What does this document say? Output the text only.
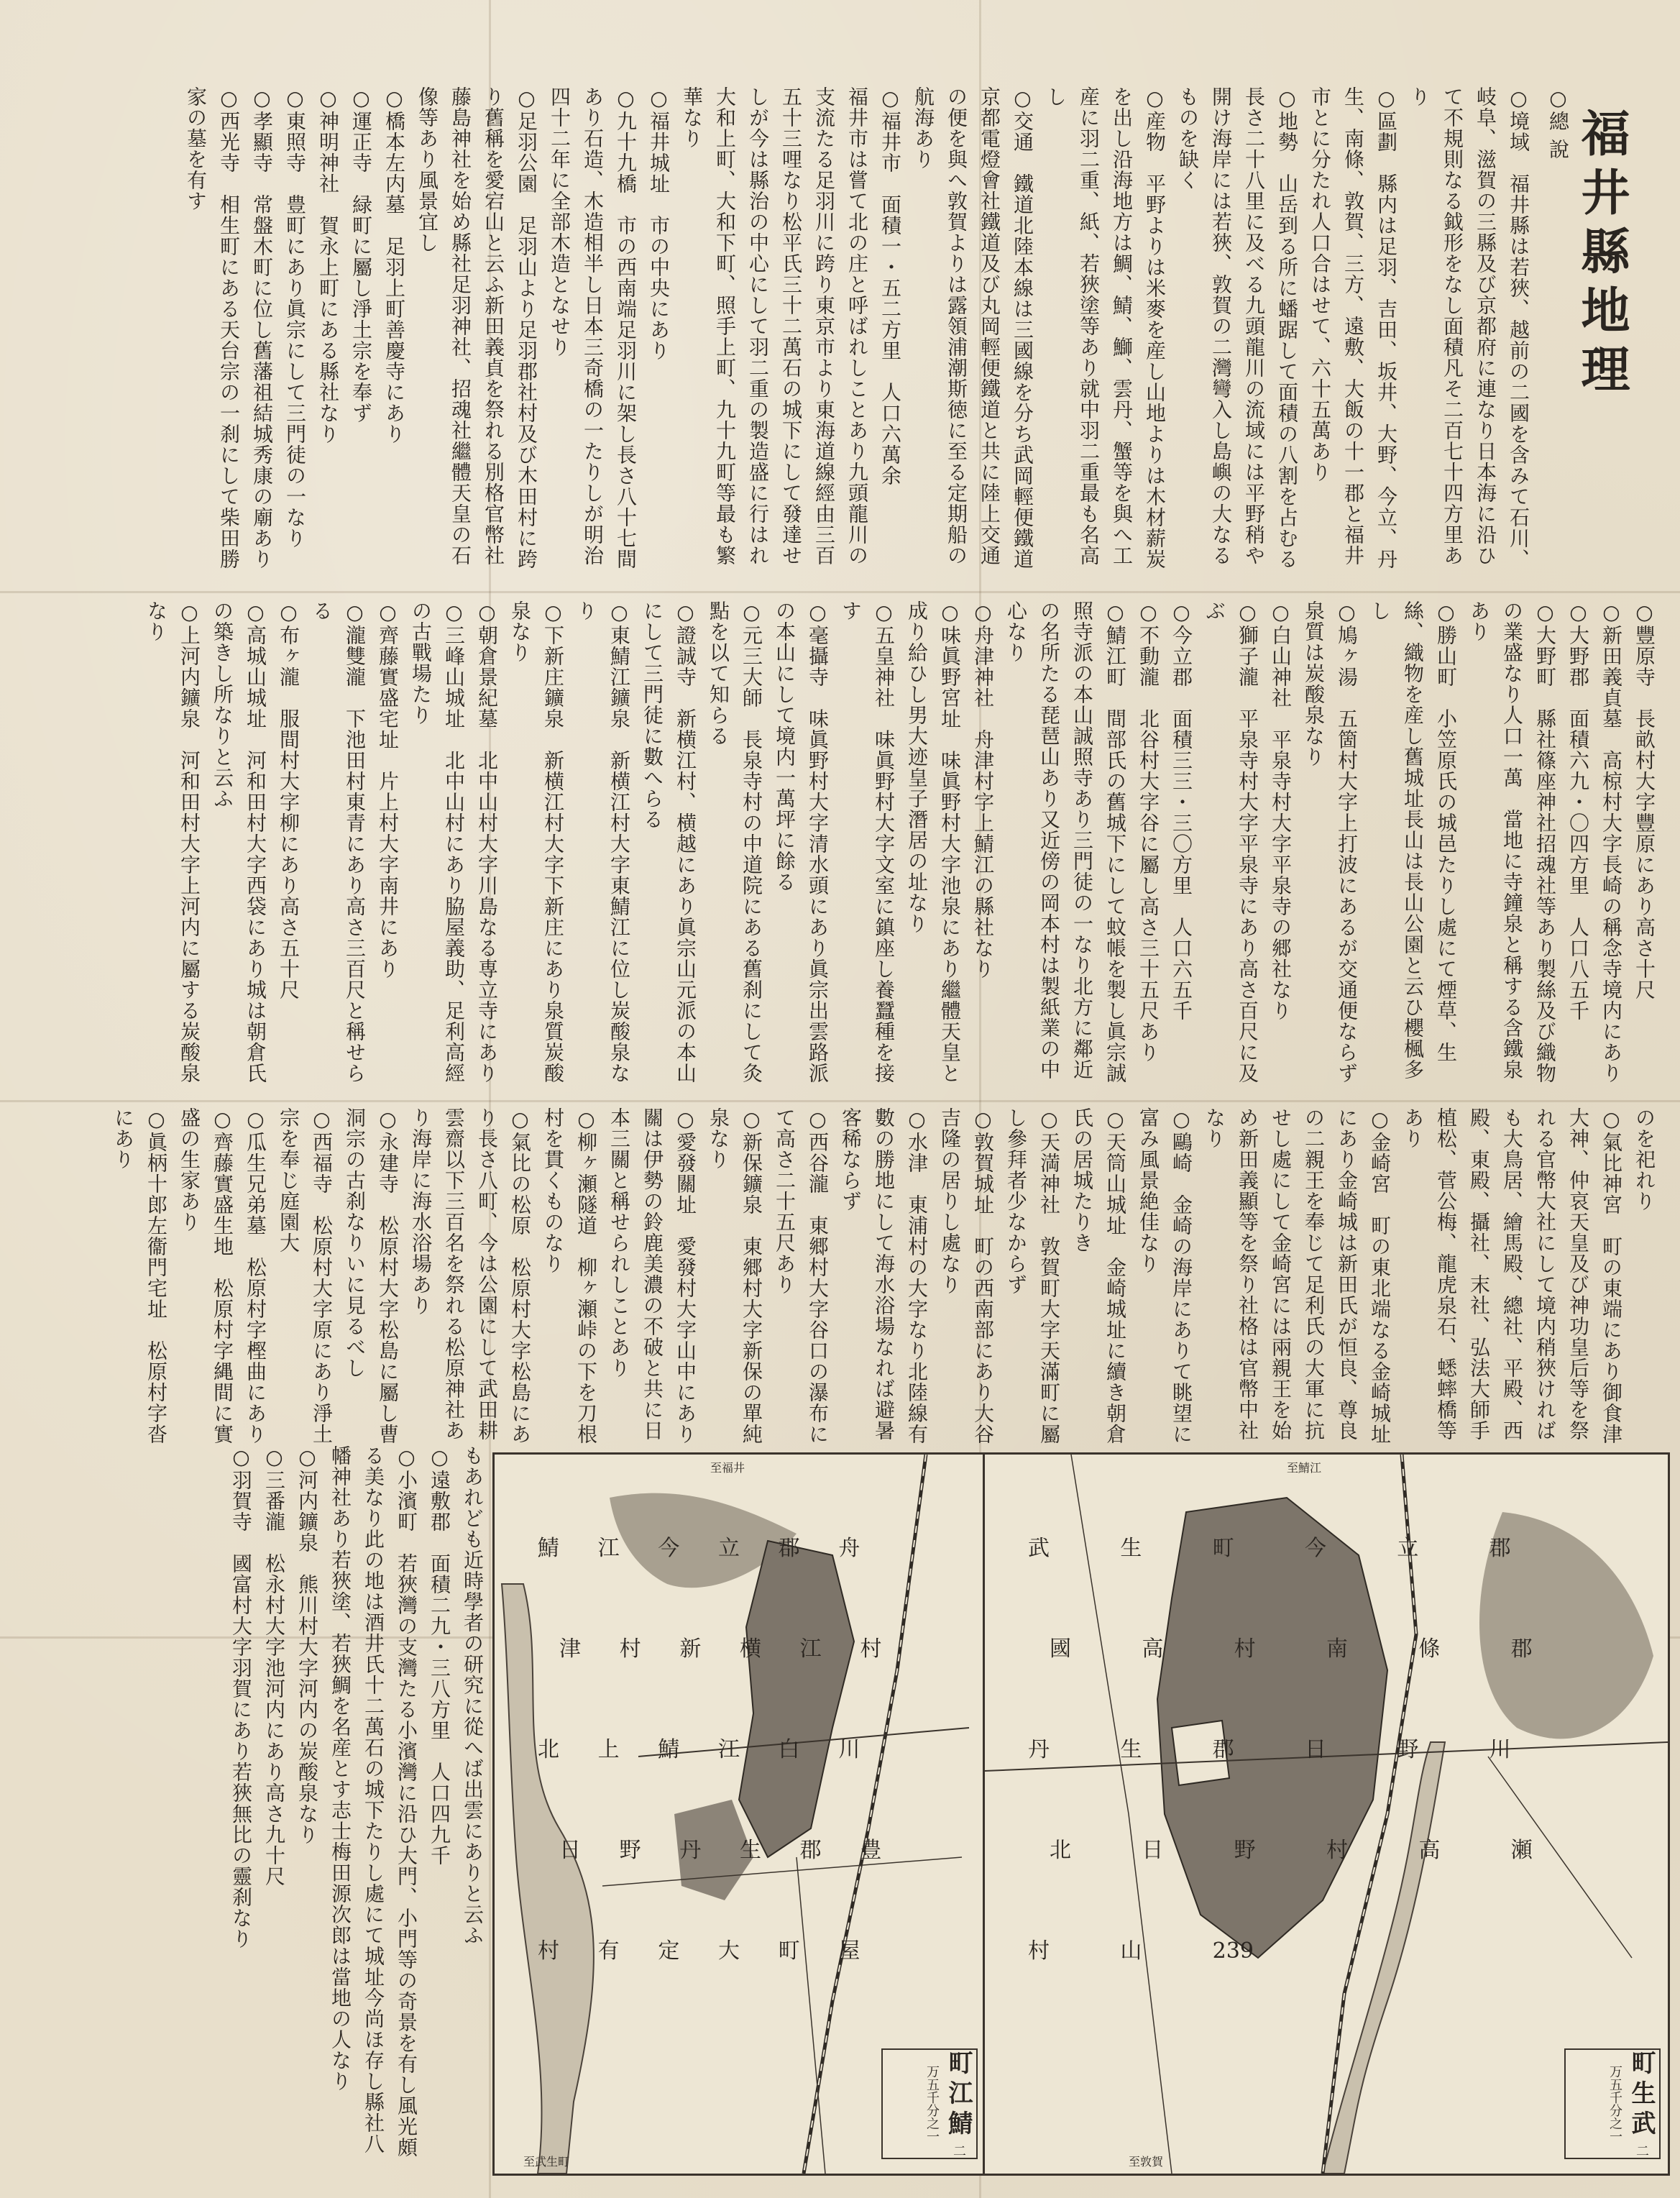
福井縣地理
○總 說
○境域　福井縣は若狹、越前の二國を含みて石川、岐阜、滋賀の三縣及び京都府に連なり日本海に沿ひて不規則なる鉞形をなし面積凡そ二百七十四方里あり
○區劃　縣内は足羽、吉田、坂井、大野、今立、丹生、南條、敦賀、三方、遠敷、大飯の十一郡と福井市とに分たれ人口合はせて、六十五萬あり
○地勢　山岳到る所に蟠踞して面積の八割を占むる長さ二十八里に及べる九頭龍川の流域には平野稍や開け海岸には若狹、敦賀の二灣彎入し島嶼の大なるものを缺く
○産物　平野よりは米麥を産し山地よりは木材薪炭を出し沿海地方は鯛、鯖、鰤、雲丹、蟹等を與へ工産に羽二重、紙、若狹塗等あり就中羽二重最も名高し
○交通　鐵道北陸本線は三國線を分ち武岡輕便鐵道京都電燈會社鐵道及び丸岡輕便鐵道と共に陸上交通の便を與へ敦賀よりは露領浦潮斯徳に至る定期船の航海あり
○福井市　面積一・五二方里　人口六萬余
福井市は嘗て北の庄と呼ばれしことあり九頭龍川の支流たる足羽川に跨り東京市より東海道線經由三百五十三哩なり松平氏三十二萬石の城下にして發達せしが今は縣治の中心にして羽二重の製造盛に行はれ大和上町、大和下町、照手上町、九十九町等最も繁華なり
○福井城址　市の中央にあり
○九十九橋　市の西南端足羽川に架し長さ八十七間あり石造、木造相半し日本三奇橋の一たりしが明治四十二年に全部木造となせり
○足羽公園　足羽山より足羽郡社村及び木田村に跨り舊稱を愛宕山と云ふ新田義貞を祭れる別格官幣社藤島神社を始め縣社足羽神社、招魂社繼體天皇の石像等あり風景宜し
○橋本左内墓　足羽上町善慶寺にあり
○運正寺　緑町に屬し淨土宗を奉ず
○神明神社　賀永上町にある縣社なり
○東照寺　豊町にあり眞宗にして三門徒の一なり
○孝顯寺　常盤木町に位し舊藩祖結城秀康の廟あり
○西光寺　相生町にある天台宗の一刹にして柴田勝家の墓を有す
○豐原寺　長畝村大字豐原にあり高さ十尺
○新田義貞墓　高椋村大字長崎の稱念寺境内にあり
○大野郡　面積六九・〇四方里　人口八五千
○大野町　縣社篠座神社招魂社等あり製絲及び織物の業盛なり人口一萬　當地に寺鐘泉と稱する含鐵泉あり
○勝山町　小笠原氏の城邑たりし處にて煙草、生絲、織物を産し舊城址長山は長山公園と云ひ櫻楓多し
○鳩ヶ湯　五箇村大字上打波にあるが交通便ならず泉質は炭酸泉なり
○白山神社　平泉寺村大字平泉寺の郷社なり
○獅子瀧　平泉寺村大字平泉寺にあり高さ百尺に及ぶ
○今立郡　面積三三・三〇方里　人口六五千
○不動瀧　北谷村大字谷に屬し高さ三十五尺あり
○鯖江町　間部氏の舊城下にして蚊帳を製し眞宗誠照寺派の本山誠照寺あり三門徒の一なり北方に鄰近の名所たる琵琶山あり又近傍の岡本村は製紙業の中心なり
○舟津神社　舟津村字上鯖江の縣社なり
○味眞野宮址　味眞野村大字池泉にあり繼體天皇と成り給ひし男大迹皇子潛居の址なり
○五皇神社　味眞野村大字文室に鎮座し養蠶種を接す
○毫攝寺　味眞野村大字清水頭にあり眞宗出雲路派の本山にして境内一萬坪に餘る
○元三大師　長泉寺村の中道院にある舊刹にして灸點を以て知らる
○證誠寺　新横江村、横越にあり眞宗山元派の本山にして三門徒に數へらる
○東鯖江鑛泉　新横江村大字東鯖江に位し炭酸泉なり
○下新庄鑛泉　新横江村大字下新庄にあり泉質炭酸泉なり
○朝倉景紀墓　北中山村大字川島なる専立寺にあり
○三峰山城址　北中山村にあり脇屋義助、足利高經の古戰場たり
○齊藤實盛宅址　片上村大字南井にあり
○瀧雙瀧　下池田村東青にあり高さ三百尺と稱せらる
○布ヶ瀧　服間村大字柳にあり高さ五十尺
○高城山城址　河和田村大字西袋にあり城は朝倉氏の築きし所なりと云ふ
○上河内鑛泉　河和田村大字上河内に屬する炭酸泉なり
のを祀れり
○氣比神宮　町の東端にあり御食津大神、仲哀天皇及び神功皇后等を祭れる官幣大社にして境内稍狹ければも大鳥居、繪馬殿、總社、平殿、西殿、東殿、攝社、末社、弘法大師手植松、菅公梅、龍虎泉石、蟋蟀橋等あり
○金崎宮　町の東北端なる金崎城址にあり金崎城は新田氏が恒良、尊良の二親王を奉じて足利氏の大軍に抗せし處にして金崎宮には兩親王を始め新田義顯等を祭り社格は官幣中社なり
○鷗崎　金崎の海岸にありて眺望に富み風景絶佳なり
○天筒山城址　金崎城址に續き朝倉氏の居城たりき
○天満神社　敦賀町大字天滿町に屬し參拜者少なからず
○敦賀城址　町の西南部にあり大谷吉隆の居りし處なり
○水津　東浦村の大字なり北陸線有數の勝地にして海水浴場なれば避暑客稀ならず
○西谷瀧　東郷村大字谷口の瀑布にて高さ二十五尺あり
○新保鑛泉　東郷村大字新保の單純泉なり
○愛發關址　愛發村大字山中にあり關は伊勢の鈴鹿美濃の不破と共に日本三關と稱せられしことあり
○柳ヶ瀬隧道　柳ヶ瀬峠の下を刀根村を貫くものなり
○氣比の松原　松原村大字松島にあり長さ八町、今は公園にして武田耕雲齋以下三百名を祭れる松原神社あり海岸に海水浴場あり
○永建寺　松原村大字松島に屬し曹洞宗の古刹なりいに見るべし
○西福寺　松原村大字原にあり淨土宗を奉じ庭園大
○瓜生兄弟墓　松原村字樫曲にあり
○齊藤實盛生地　松原村字縄間に實盛の生家あり
○眞柄十郎左衞門宅址　松原村字沓にあり
もあれども近時學者の研究に從へば出雲にありと云ふ
○遠敷郡　面積二九・三八方里　人口四九千
○小濱町　若狹灣の支灣たる小濱灣に沿ひ大門、小門等の奇景を有し風光頗る美なり此の地は酒井氏十二萬石の城下たりし處にて城址今尚ほ存し縣社八幡神社あり若狹塗、若狹鯛を名産とす志士梅田源次郎は當地の人なり
○河内鑛泉　熊川村大字河内の炭酸泉なり
○三番瀧　松永村大字池河内にあり高さ九十尺
○羽賀寺　國富村大字羽賀にあり若狹無比の靈刹なり	鯖 江 今 立 郡 舟
津 村 新 横 江 村
北 上 鯖 江 白 川
日 野 丹 生 郡 豊
村 有 定 大 町 屋
至福井
至武生町
町江鯖 二万五千分之一
武	生	町	今	立	郡
國	高	村	南	條	郡
丹	生	郡	日	野	川
北	日	野	村	高	瀬
村	山	239
至鯖江
至敦賀
町生武 二万五千分之一
